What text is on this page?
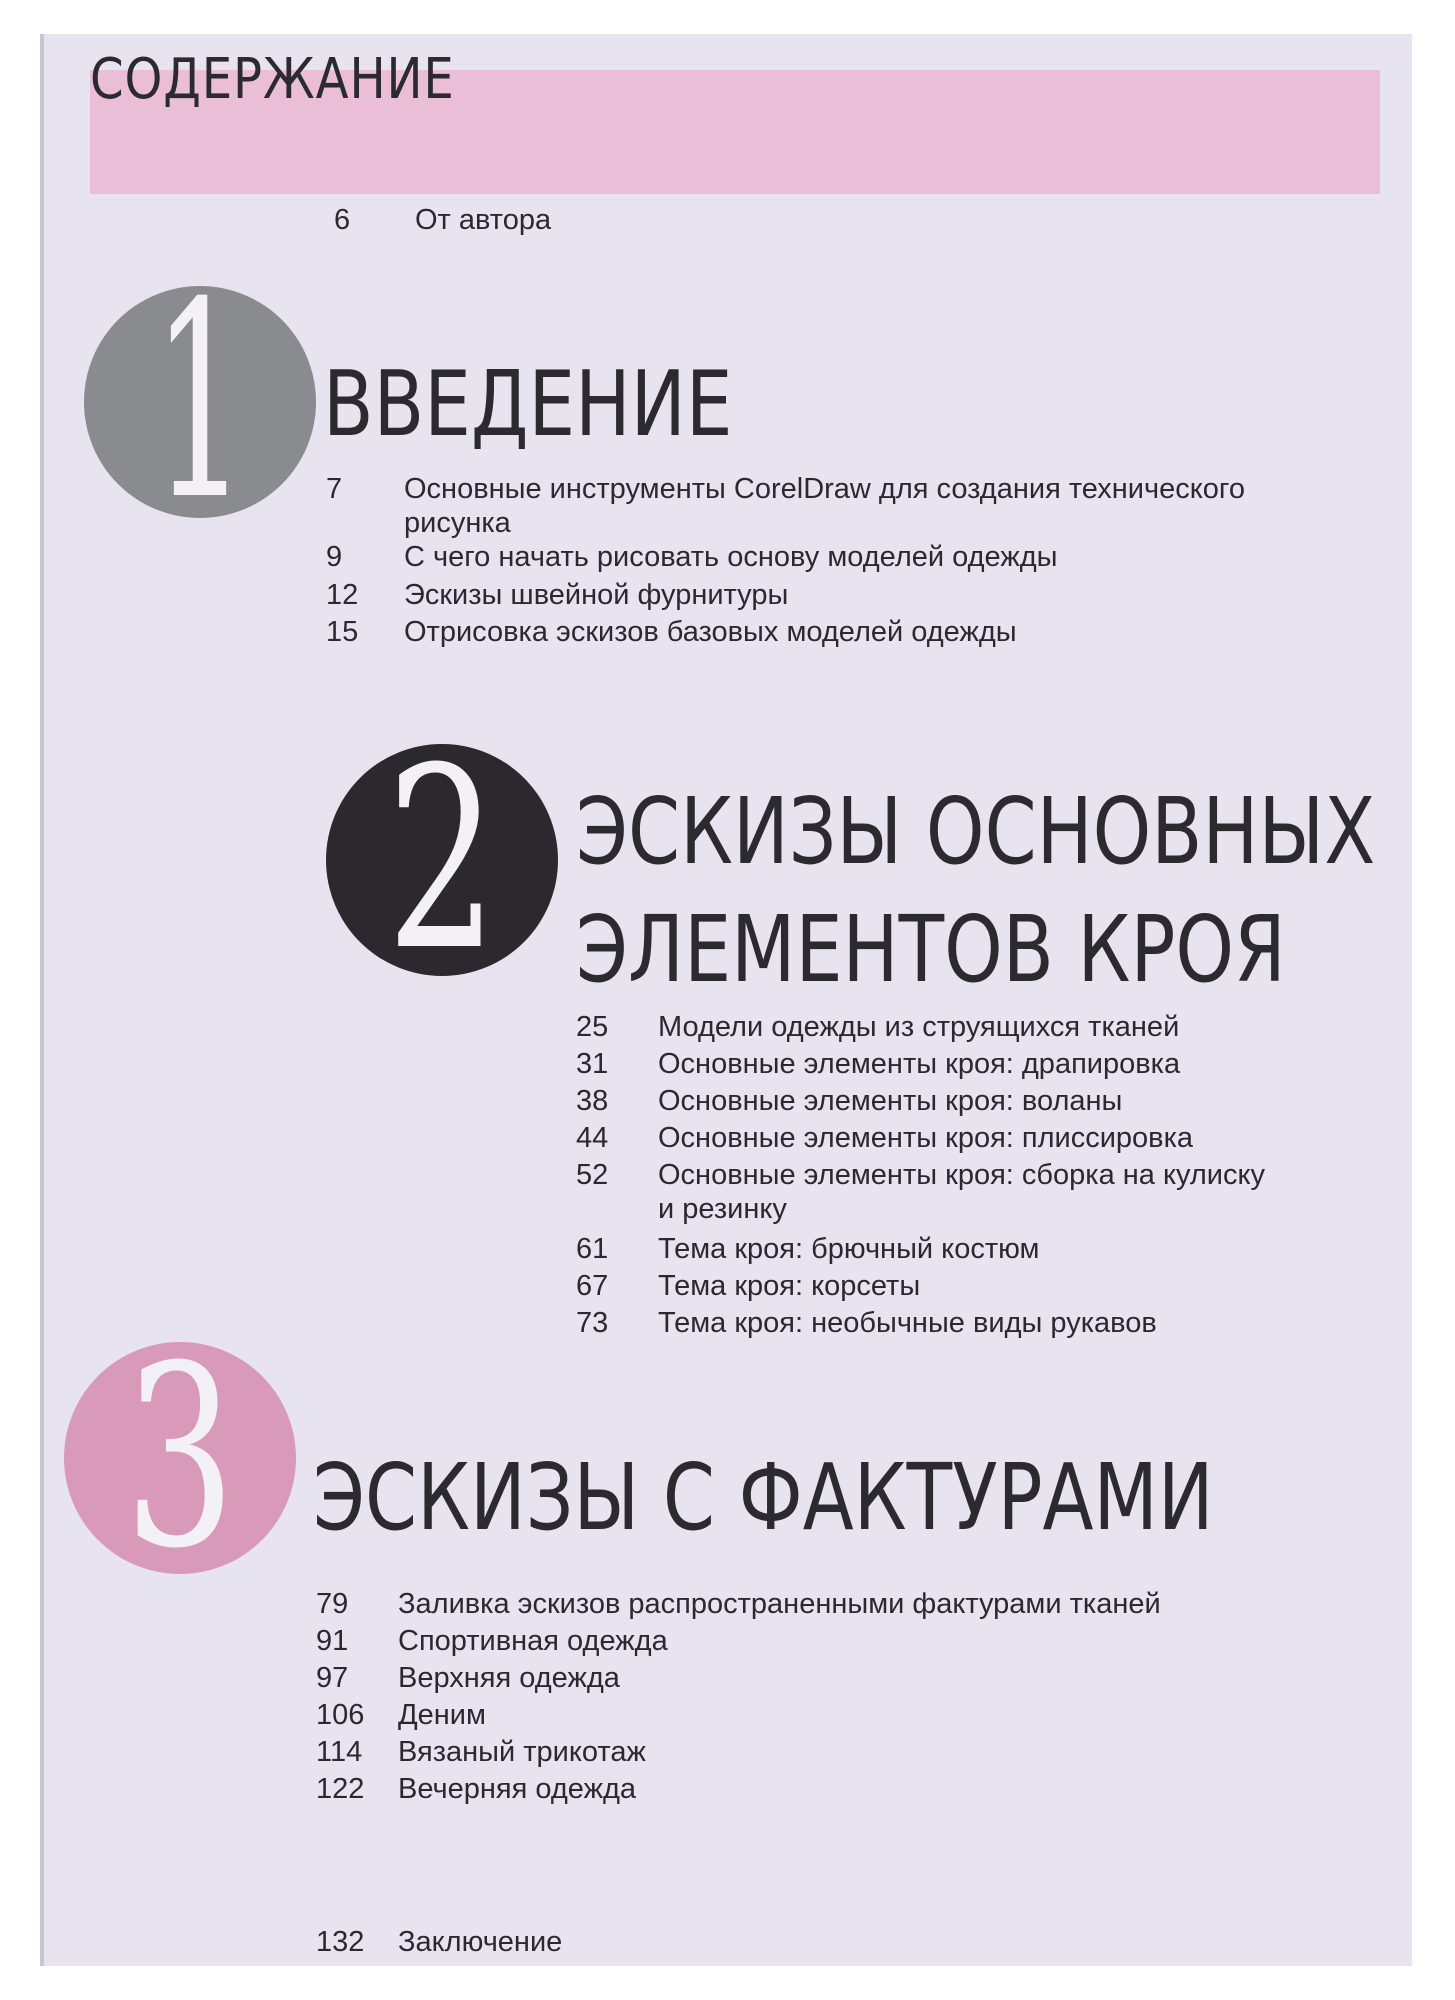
СОДЕРЖАНИЕ
6 От автора
1 ВВЕДЕНИЕ
7 Основные инструменты CorelDraw для создания технического
рисунка
9 С чего начать рисовать основу моделей одежды
12 Эскизы швейной фурнитуры
15 Отрисовка эскизов базовых моделей одежды
2 ЭСКИЗЫ ОСНОВНЫХ
ЭЛЕМЕНТОВ КРОЯ
25 Модели одежды из струящихся тканей
31 Основные элементы кроя: драпировка
38 Основные элементы кроя: воланы
44 Основные элементы кроя: плиссировка
52 Основные элементы кроя: сборка на кулиску
и резинку
61 Тема кроя: брючный костюм
67 Тема кроя: корсеты
73 Тема кроя: необычные виды рукавов
3 ЭСКИЗЫ С ФАКТУРАМИ
79 Заливка эскизов распространенными фактурами тканей
91 Спортивная одежда
97 Верхняя одежда
106 Деним
114 Вязаный трикотаж
122 Вечерняя одежда
132 Заключение
